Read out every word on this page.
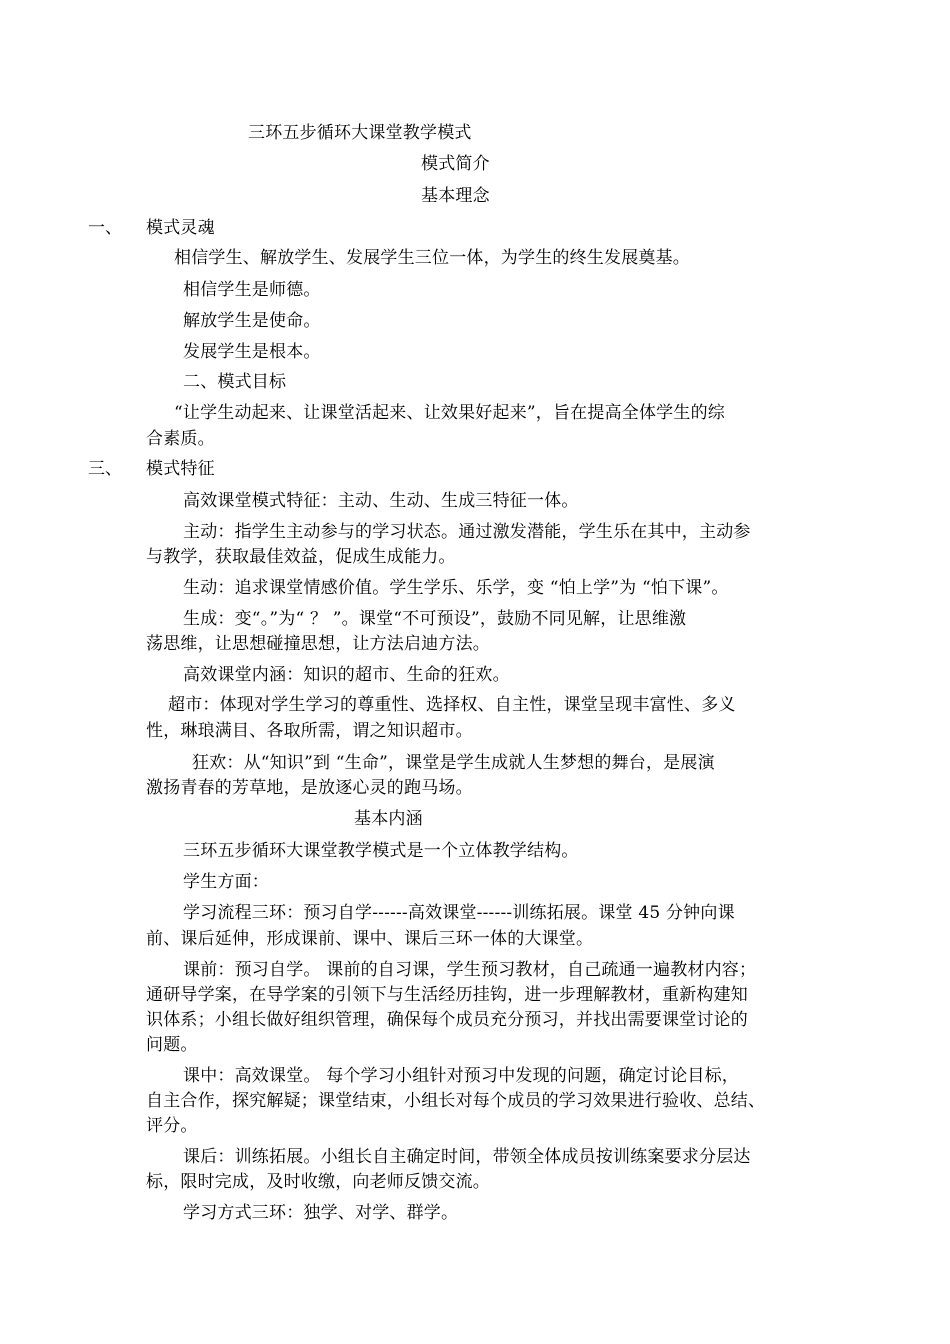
三环五步循环大课堂教学模式
模式简介
基本理念
一、 模式灵魂
相信学生、解放学生、发展学生三位一体，为学生的终生发展奠基。
相信学生是师德。
解放学生是使命。
发展学生是根本。
二、模式目标
“让学生动起来、让课堂活起来、让效果好起来”，旨在提高全体学生的综
合素质。
三、 模式特征
高效课堂模式特征：主动、生动、生成三特征一体。
主动：指学生主动参与的学习状态。通过激发潜能，学生乐在其中，主动参
与教学，获取最佳效益，促成生成能力。
生动：追求课堂情感价值。学生学乐、乐学，变 “怕上学”为 “怕下课”。
生成：变“。”为“ ？ ”。课堂“不可预设”，鼓励不同见解，让思维激
荡思维，让思想碰撞思想，让方法启迪方法。
高效课堂内涵：知识的超市、生命的狂欢。
超市：体现对学生学习的尊重性、选择权、自主性，课堂呈现丰富性、多义
性，琳琅满目、各取所需，谓之知识超市。
狂欢：从“知识”到 “生命”，课堂是学生成就人生梦想的舞台，是展演
激扬青春的芳草地，是放逐心灵的跑马场。
基本内涵
三环五步循环大课堂教学模式是一个立体教学结构。
学生方面：
学习流程三环：预习自学------高效课堂------训练拓展。课堂 45 分钟向课
前、课后延伸，形成课前、课中、课后三环一体的大课堂。
课前：预习自学。 课前的自习课，学生预习教材，自己疏通一遍教材内容；
通研导学案，在导学案的引领下与生活经历挂钩，进一步理解教材，重新构建知
识体系；小组长做好组织管理，确保每个成员充分预习，并找出需要课堂讨论的
问题。
课中：高效课堂。 每个学习小组针对预习中发现的问题，确定讨论目标，
自主合作，探究解疑；课堂结束，小组长对每个成员的学习效果进行验收、总结、
评分。
课后：训练拓展。小组长自主确定时间，带领全体成员按训练案要求分层达
标，限时完成，及时收缴，向老师反馈交流。
学习方式三环：独学、对学、群学。
